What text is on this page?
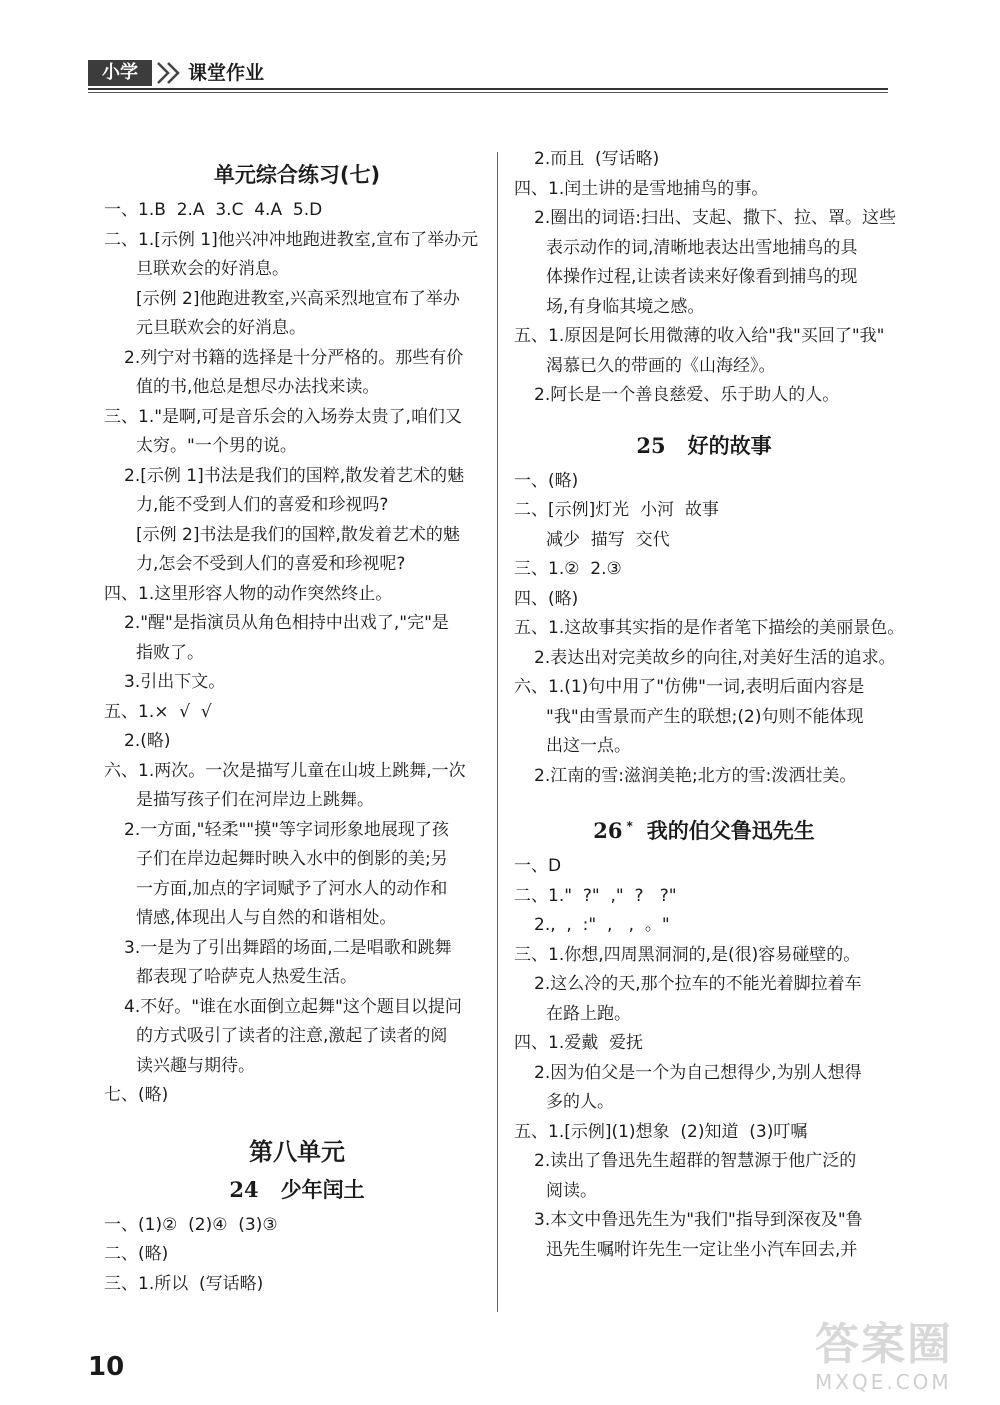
小学	课堂作业
单元综合练习(七)
一、1.B  2.A  3.C  4.A  5.D
二、1.[示例 1]他兴冲冲地跑进教室,宣布了举办元
旦联欢会的好消息。
[示例 2]他跑进教室,兴高采烈地宣布了举办
元旦联欢会的好消息。
2.列宁对书籍的选择是十分严格的。那些有价
值的书,他总是想尽办法找来读。
三、1."是啊,可是音乐会的入场券太贵了,咱们又
太穷。"一个男的说。
2.[示例 1]书法是我们的国粹,散发着艺术的魅
力,能不受到人们的喜爱和珍视吗?
[示例 2]书法是我们的国粹,散发着艺术的魅
力,怎会不受到人们的喜爱和珍视呢?
四、1.这里形容人物的动作突然终止。
2."醒"是指演员从角色相持中出戏了,"完"是
指败了。
3.引出下文。
五、1.×  √  √
2.(略)
六、1.两次。一次是描写儿童在山坡上跳舞,一次
是描写孩子们在河岸边上跳舞。
2.一方面,"轻柔""摸"等字词形象地展现了孩
子们在岸边起舞时映入水中的倒影的美;另
一方面,加点的字词赋予了河水人的动作和
情感,体现出人与自然的和谐相处。
3.一是为了引出舞蹈的场面,二是唱歌和跳舞
都表现了哈萨克人热爱生活。
4.不好。"谁在水面倒立起舞"这个题目以提问
的方式吸引了读者的注意,激起了读者的阅
读兴趣与期待。
七、(略)
第八单元
24 少年闰土
一、(1)②  (2)④  (3)③
二、(略)
三、1.所以  (写话略)
2.而且  (写话略)
四、1.闰土讲的是雪地捕鸟的事。
2.圈出的词语:扫出、支起、撒下、拉、罩。这些
表示动作的词,清晰地表达出雪地捕鸟的具
体操作过程,让读者读来好像看到捕鸟的现
场,有身临其境之感。
五、1.原因是阿长用微薄的收入给"我"买回了"我"
渴慕已久的带画的《山海经》。
2.阿长是一个善良慈爱、乐于助人的人。
25 好的故事
一、(略)
二、[示例]灯光  小河  故事
减少  描写  交代
三、1.②  2.③
四、(略)
五、1.这故事其实指的是作者笔下描绘的美丽景色。
2.表达出对完美故乡的向往,对美好生活的追求。
六、1.(1)句中用了"仿佛"一词,表明后面内容是
"我"由雪景而产生的联想;(2)句则不能体现
出这一点。
2.江南的雪:滋润美艳;北方的雪:泼洒壮美。
26 * 我的伯父鲁迅先生
一、D
二、1."  ?"  ,"  ?   ?"
2.,  ,  :"  ,   ,  。"
三、1.你想,四周黑洞洞的,是(很)容易碰壁的。
2.这么冷的天,那个拉车的不能光着脚拉着车
在路上跑。
四、1.爱戴  爱抚
2.因为伯父是一个为自己想得少,为别人想得
多的人。
五、1.[示例](1)想象  (2)知道  (3)叮嘱
2.读出了鲁迅先生超群的智慧源于他广泛的
阅读。
3.本文中鲁迅先生为"我们"指导到深夜及"鲁
迅先生嘱咐许先生一定让坐小汽车回去,并
10	答案圈
MXQE.COM
